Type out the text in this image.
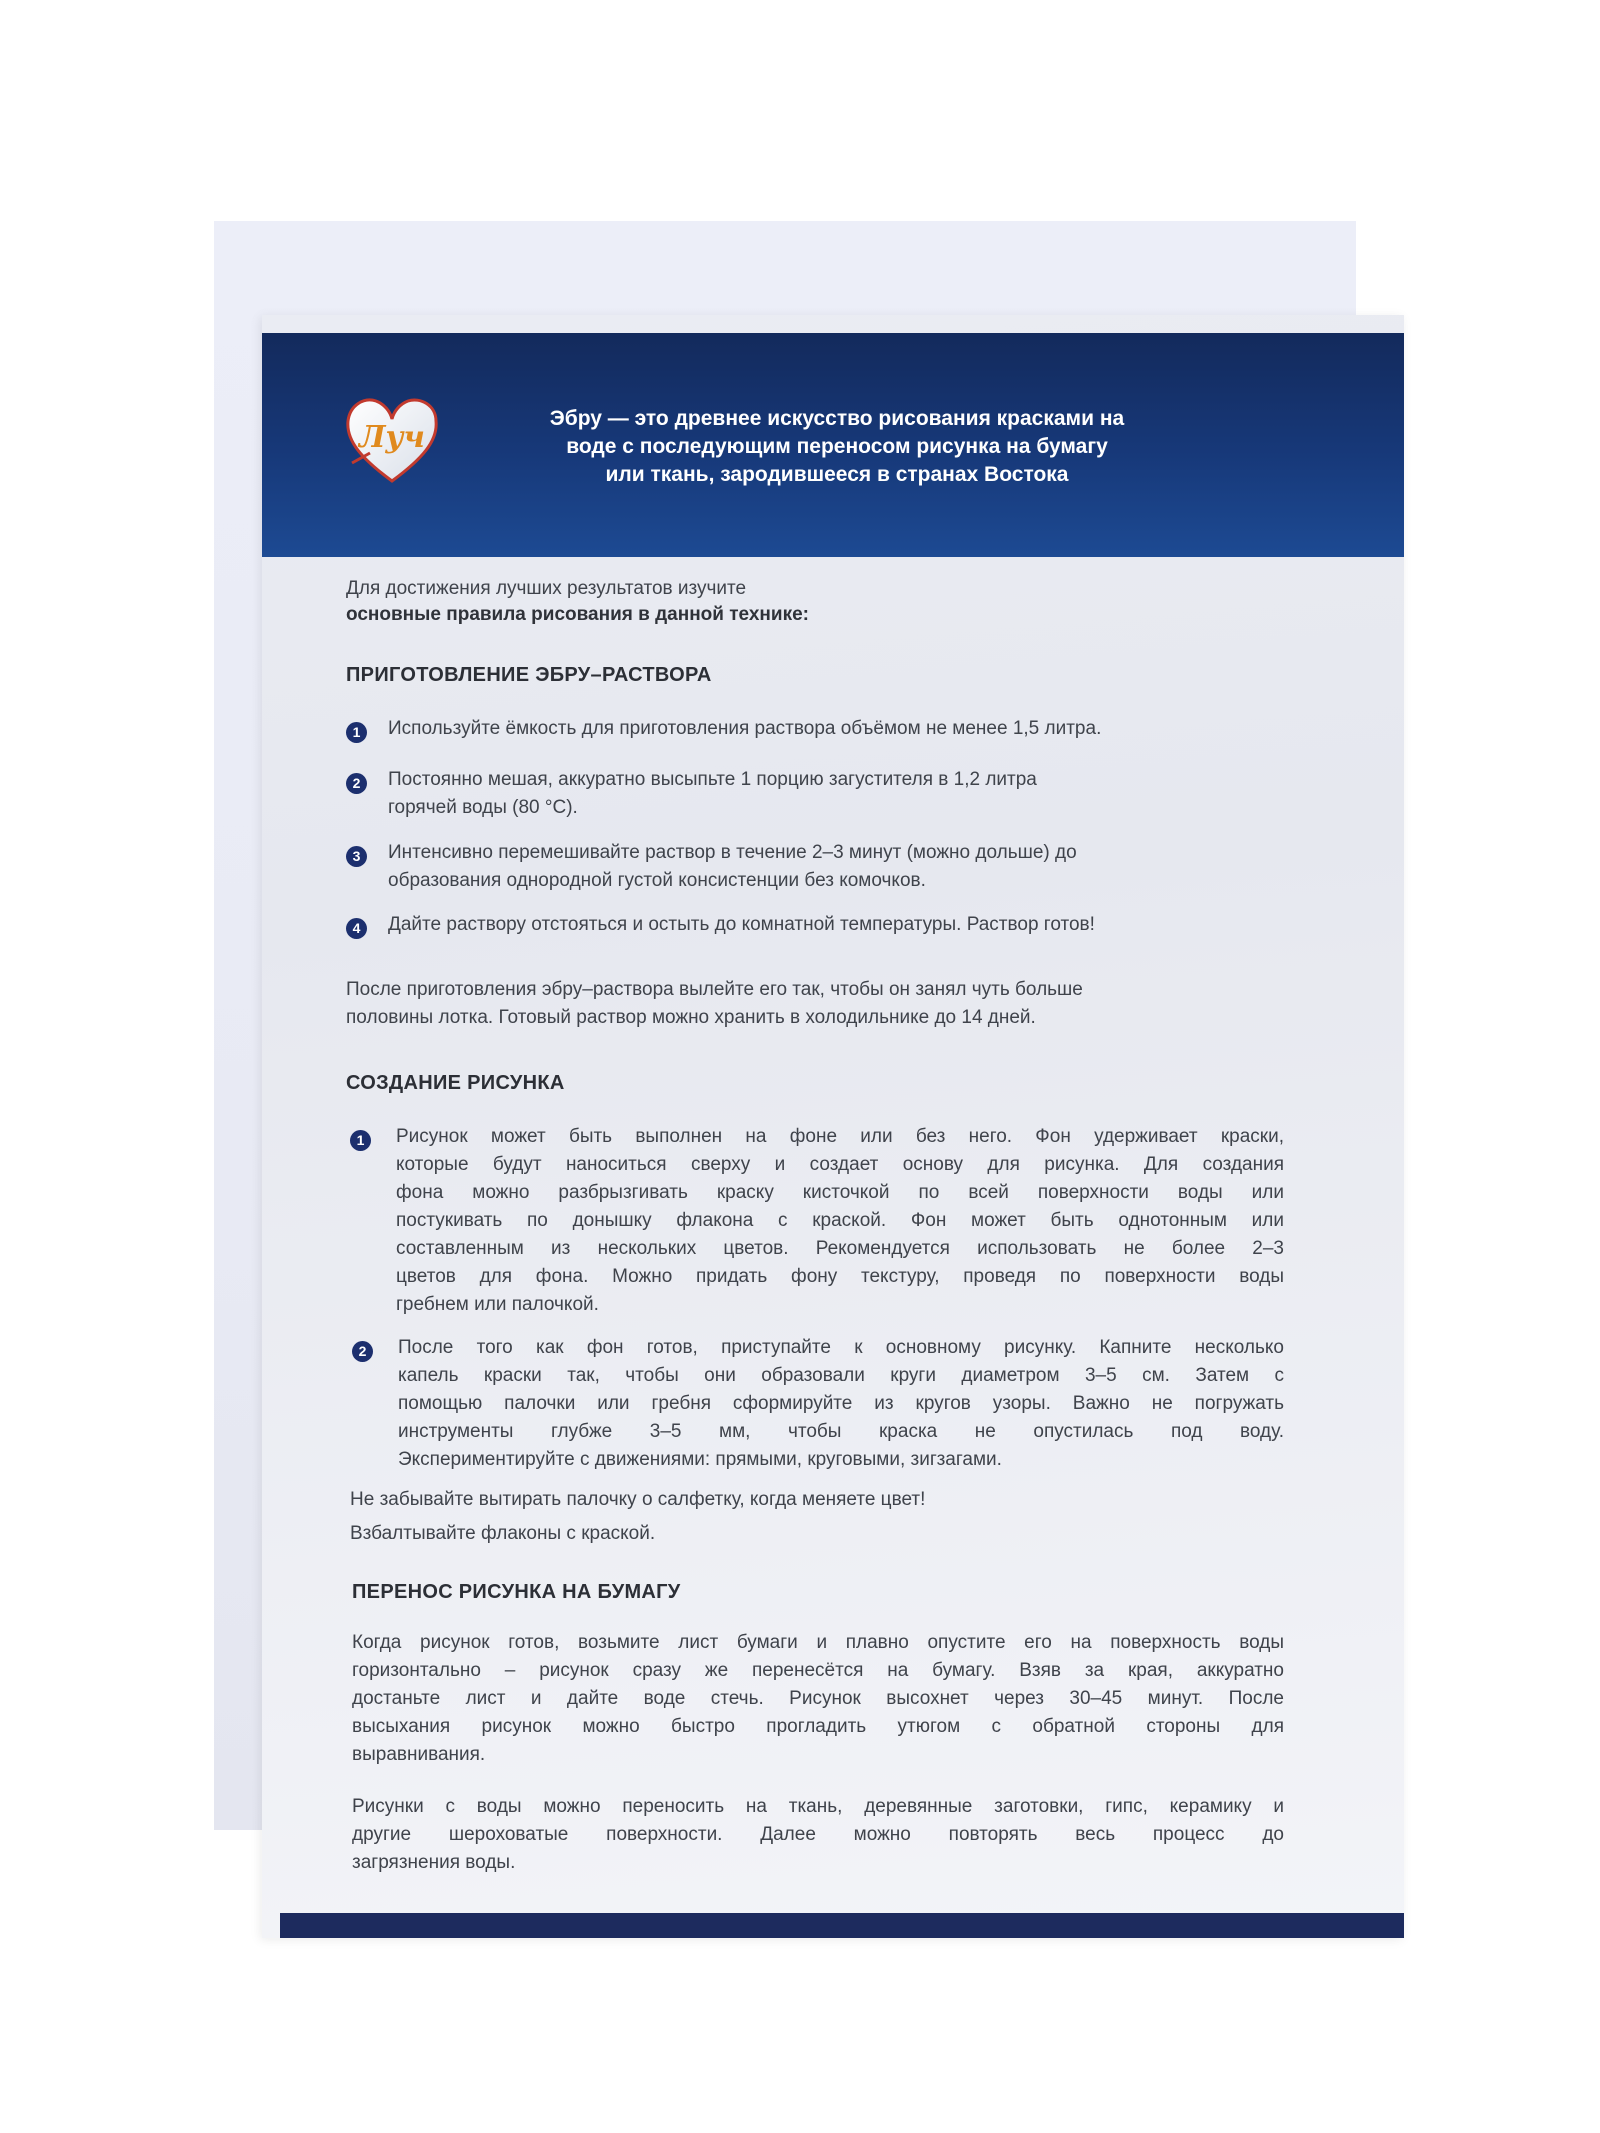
Луч
Эбру — это древнее искусство рисования красками на
воде с последующим переносом рисунка на бумагу
или ткань, зародившееся в странах Востока
Для достижения лучших результатов изучите
основные правила рисования в данной технике:
ПРИГОТОВЛЕНИЕ ЭБРУ–РАСТВОРА
1	Используйте ёмкость для приготовления раствора объёмом не менее 1,5 литра.
2	Постоянно мешая, аккуратно высыпьте 1 порцию загустителя в 1,2 литра
горячей воды (80 °С).
3	Интенсивно перемешивайте раствор в течение 2–3 минут (можно дольше) до
образования однородной густой консистенции без комочков.
4	Дайте раствору отстояться и остыть до комнатной температуры. Раствор готов!
После приготовления эбру–раствора вылейте его так, чтобы он занял чуть больше
половины лотка. Готовый раствор можно хранить в холодильнике до 14 дней.
СОЗДАНИЕ РИСУНКА
1	Рисунок может быть выполнен на фоне или без него. Фон удерживает краски,
которые будут наноситься сверху и создает основу для рисунка. Для создания
фона можно разбрызгивать краску кисточкой по всей поверхности воды или
постукивать по донышку флакона с краской. Фон может быть однотонным или
составленным из нескольких цветов. Рекомендуется использовать не более 2–3
цветов для фона. Можно придать фону текстуру, проведя по поверхности воды
гребнем или палочкой.
2	После того как фон готов, приступайте к основному рисунку. Капните несколько
капель краски так, чтобы они образовали круги диаметром 3–5 см. Затем с
помощью палочки или гребня сформируйте из кругов узоры. Важно не погружать
инструменты глубже 3–5 мм, чтобы краска не опустилась под воду.
Экспериментируйте с движениями: прямыми, круговыми, зигзагами.
Не забывайте вытирать палочку о салфетку, когда меняете цвет!
Взбалтывайте флаконы с краской.
ПЕРЕНОС РИСУНКА НА БУМАГУ
Когда рисунок готов, возьмите лист бумаги и плавно опустите его на поверхность воды
горизонтально – рисунок сразу же перенесётся на бумагу. Взяв за края, аккуратно
достаньте лист и дайте воде стечь. Рисунок высохнет через 30–45 минут. После
высыхания рисунок можно быстро прогладить утюгом с обратной стороны для
выравнивания.
Рисунки с воды можно переносить на ткань, деревянные заготовки, гипс, керамику и
другие шероховатые поверхности. Далее можно повторять весь процесс до
загрязнения воды.
